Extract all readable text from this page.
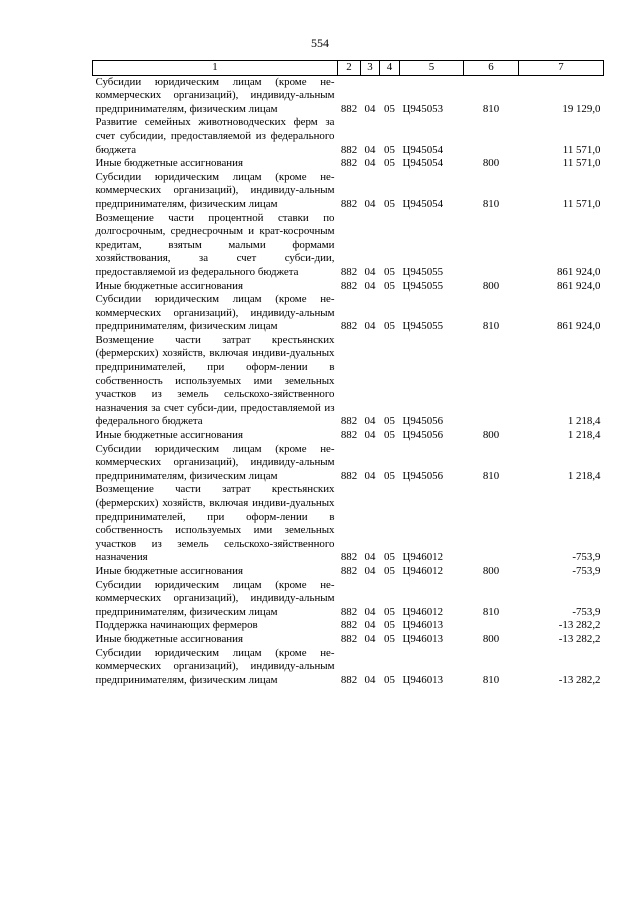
554
1	2	3	4	5	6	7
Субсидии юридическим лицам (кроме не-коммерческих организаций), индивиду-альным предпринимателям, физическим лицам	882	04	05	Ц945053	810	19 129,0
Развитие семейных животноводческих ферм за счет субсидии, предоставляемой из федерального бюджета	882	04	05	Ц945054		11 571,0
Иные бюджетные ассигнования	882	04	05	Ц945054	800	11 571,0
Субсидии юридическим лицам (кроме не-коммерческих организаций), индивиду-альным предпринимателям, физическим лицам	882	04	05	Ц945054	810	11 571,0
Возмещение части процентной ставки по долгосрочным, среднесрочным и крат-косрочным кредитам, взятым малыми формами хозяйствования, за счет субси-дии, предоставляемой из федерального бюджета	882	04	05	Ц945055		861 924,0
Иные бюджетные ассигнования	882	04	05	Ц945055	800	861 924,0
Субсидии юридическим лицам (кроме не-коммерческих организаций), индивиду-альным предпринимателям, физическим лицам	882	04	05	Ц945055	810	861 924,0
Возмещение части затрат крестьянских (фермерских) хозяйств, включая индиви-дуальных предпринимателей, при оформ-лении в собственность используемых ими земельных участков из земель сельскохо-зяйственного назначения за счет субси-дии, предоставляемой из федерального бюджета	882	04	05	Ц945056		1 218,4
Иные бюджетные ассигнования	882	04	05	Ц945056	800	1 218,4
Субсидии юридическим лицам (кроме не-коммерческих организаций), индивиду-альным предпринимателям, физическим лицам	882	04	05	Ц945056	810	1 218,4
Возмещение части затрат крестьянских (фермерских) хозяйств, включая индиви-дуальных предпринимателей, при оформ-лении в собственность используемых ими земельных участков из земель сельскохо-зяйственного назначения	882	04	05	Ц946012		-753,9
Иные бюджетные ассигнования	882	04	05	Ц946012	800	-753,9
Субсидии юридическим лицам (кроме не-коммерческих организаций), индивиду-альным предпринимателям, физическим лицам	882	04	05	Ц946012	810	-753,9
Поддержка начинающих фермеров	882	04	05	Ц946013		-13 282,2
Иные бюджетные ассигнования	882	04	05	Ц946013	800	-13 282,2
Субсидии юридическим лицам (кроме не-коммерческих организаций), индивиду-альным предпринимателям, физическим лицам	882	04	05	Ц946013	810	-13 282,2
